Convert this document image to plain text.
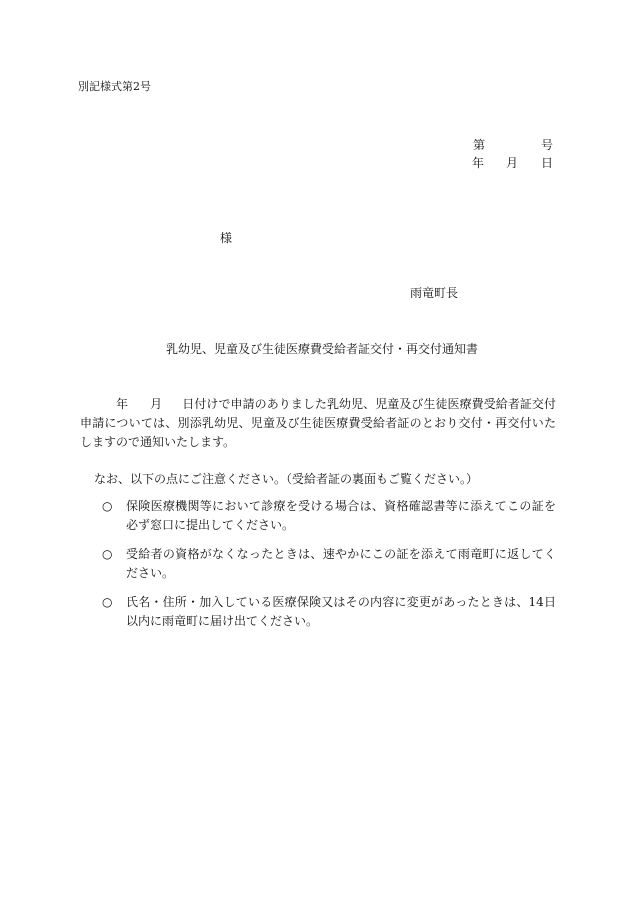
別記様式第2号
第	号
年 月 日
様
雨竜町長
乳幼児、児童及び生徒医療費受給者証交付・再交付通知書
年 月 日付けで申請のありました乳幼児、児童及び生徒医療費受給者証交付申請については、別添乳幼児、児童及び生徒医療費受給者証のとおり交付・再交付いたしますので通知いたします。
なお、以下の点にご注意ください。（受給者証の裏面もご覧ください。）
○	保険医療機関等において診療を受ける場合は、資格確認書等に添えてこの証を必ず窓口に提出してください。
○	受給者の資格がなくなったときは、速やかにこの証を添えて雨竜町に返してください。
○	氏名・住所・加入している医療保険又はその内容に変更があったときは、14日以内に雨竜町に届け出てください。
